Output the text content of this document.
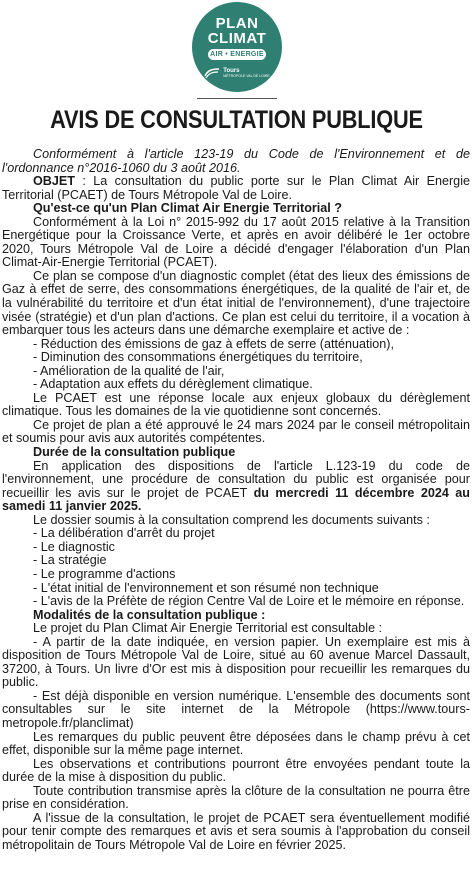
PLAN
CLIMAT
AIR • ENERGIE
Tours
MÉTROPOLE VAL DE LOIRE
AVIS DE CONSULTATION PUBLIQUE

Conformément à l'article 123-19 du Code de l'Environnement et de l'ordonnance n°2016-1060 du 3 août 2016.

OBJET : La consultation du public porte sur le Plan Climat Air Energie Territorial (PCAET) de Tours Métropole Val de Loire.

Qu'est-ce qu'un Plan Climat Air Energie Territorial ?

Conformément à la Loi n° 2015-992 du 17 août 2015 relative à la Transition Energétique pour la Croissance Verte, et après en avoir délibéré le 1er octobre 2020, Tours Métropole Val de Loire a décidé d'engager l'élaboration d'un Plan Climat-Air-Energie Territorial (PCAET).

Ce plan se compose d'un diagnostic complet (état des lieux des émissions de Gaz à effet de serre, des consommations énergétiques, de la qualité de l'air et, de la vulnérabilité du territoire et d'un état initial de l'environnement), d'une trajectoire visée (stratégie) et d'un plan d'actions. Ce plan est celui du territoire, il a vocation à embarquer tous les acteurs dans une démarche exemplaire et active de :

- Réduction des émissions de gaz à effets de serre (atténuation),

- Diminution des consommations énergétiques du territoire,

- Amélioration de la qualité de l'air,

- Adaptation aux effets du dérèglement climatique.

Le PCAET est une réponse locale aux enjeux globaux du dérèglement climatique. Tous les domaines de la vie quotidienne sont concernés.

Ce projet de plan a été approuvé le 24 mars 2024 par le conseil métropolitain et soumis pour avis aux autorités compétentes.

Durée de la consultation publique

En application des dispositions de l'article L.123-19 du code de l'environnement, une procédure de consultation du public est organisée pour recueillir les avis sur le projet de PCAET du mercredi 11 décembre 2024 au samedi 11 janvier 2025.

Le dossier soumis à la consultation comprend les documents suivants :

- La délibération d'arrêt du projet

- Le diagnostic

- La stratégie

- Le programme d'actions

- L'état initial de l'environnement et son résumé non technique

- L'avis de la Préfète de région Centre Val de Loire et le mémoire en réponse.

Modalités de la consultation publique :

Le projet du Plan Climat Air Energie Territorial est consultable :

- A partir de la date indiquée, en version papier. Un exemplaire est mis à disposition de Tours Métropole Val de Loire, situé au 60 avenue Marcel Dassault, 37200, à Tours. Un livre d'Or est mis à disposition pour recueillir les remarques du public.

- Est déjà disponible en version numérique. L'ensemble des documents sont consultables sur le site internet de la Métropole (https://www.tours-metropole.fr/planclimat)

Les remarques du public peuvent être déposées dans le champ prévu à cet effet, disponible sur la même page internet.

Les observations et contributions pourront être envoyées pendant toute la durée de la mise à disposition du public.

Toute contribution transmise après la clôture de la consultation ne pourra être prise en considération.

A l'issue de la consultation, le projet de PCAET sera éventuellement modifié pour tenir compte des remarques et avis et sera soumis à l'approbation du conseil métropolitain de Tours Métropole Val de Loire en février 2025.
